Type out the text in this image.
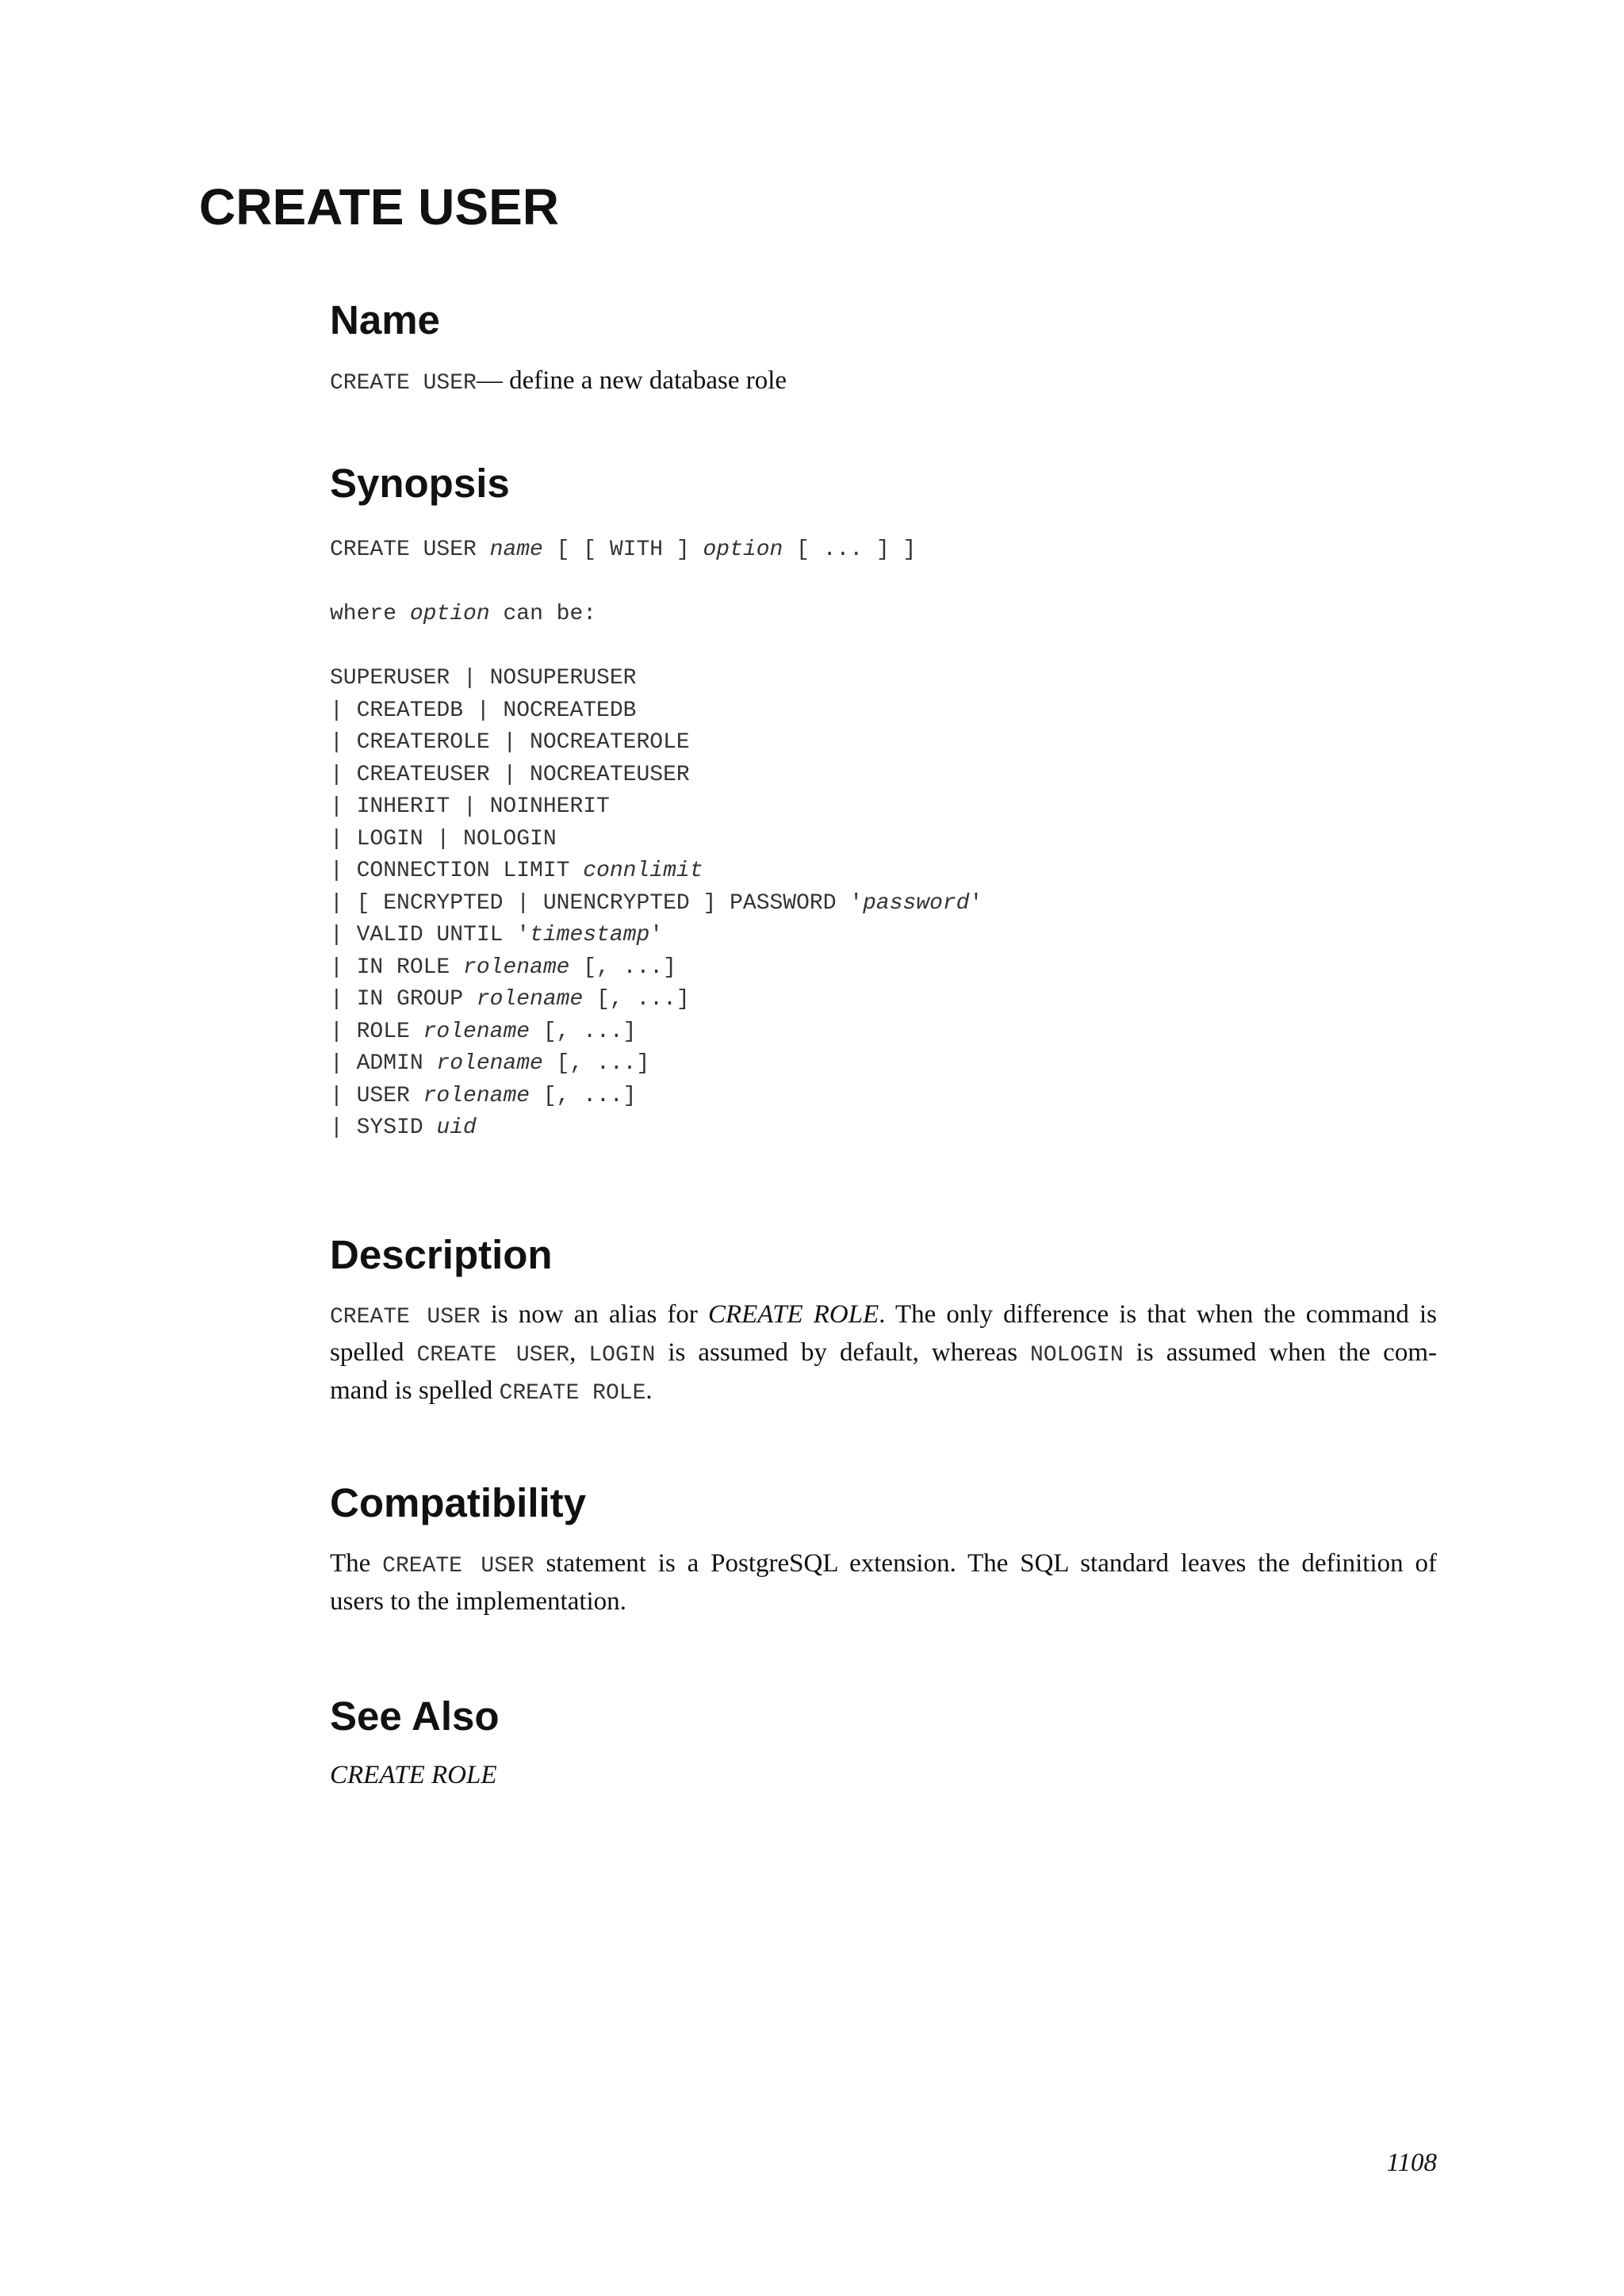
CREATE USER
Name

CREATE USER— define a new database role

Synopsis
CREATE USER name [ [ WITH ] option [ ... ] ]

where option can be:

SUPERUSER | NOSUPERUSER
| CREATEDB | NOCREATEDB
| CREATEROLE | NOCREATEROLE
| CREATEUSER | NOCREATEUSER
| INHERIT | NOINHERIT
| LOGIN | NOLOGIN
| CONNECTION LIMIT connlimit
| [ ENCRYPTED | UNENCRYPTED ] PASSWORD 'password'
| VALID UNTIL 'timestamp'
| IN ROLE rolename [, ...]
| IN GROUP rolename [, ...]
| ROLE rolename [, ...]
| ADMIN rolename [, ...]
| USER rolename [, ...]
| SYSID uid
Description
CREATE USER is now an alias for CREATE ROLE. The only difference is that when the command is
spelled CREATE USER, LOGIN is assumed by default, whereas NOLOGIN is assumed when the com-
mand is spelled CREATE ROLE.
Compatibility
The CREATE USER statement is a PostgreSQL extension. The SQL standard leaves the definition of
users to the implementation.
See Also

CREATE ROLE

1108
